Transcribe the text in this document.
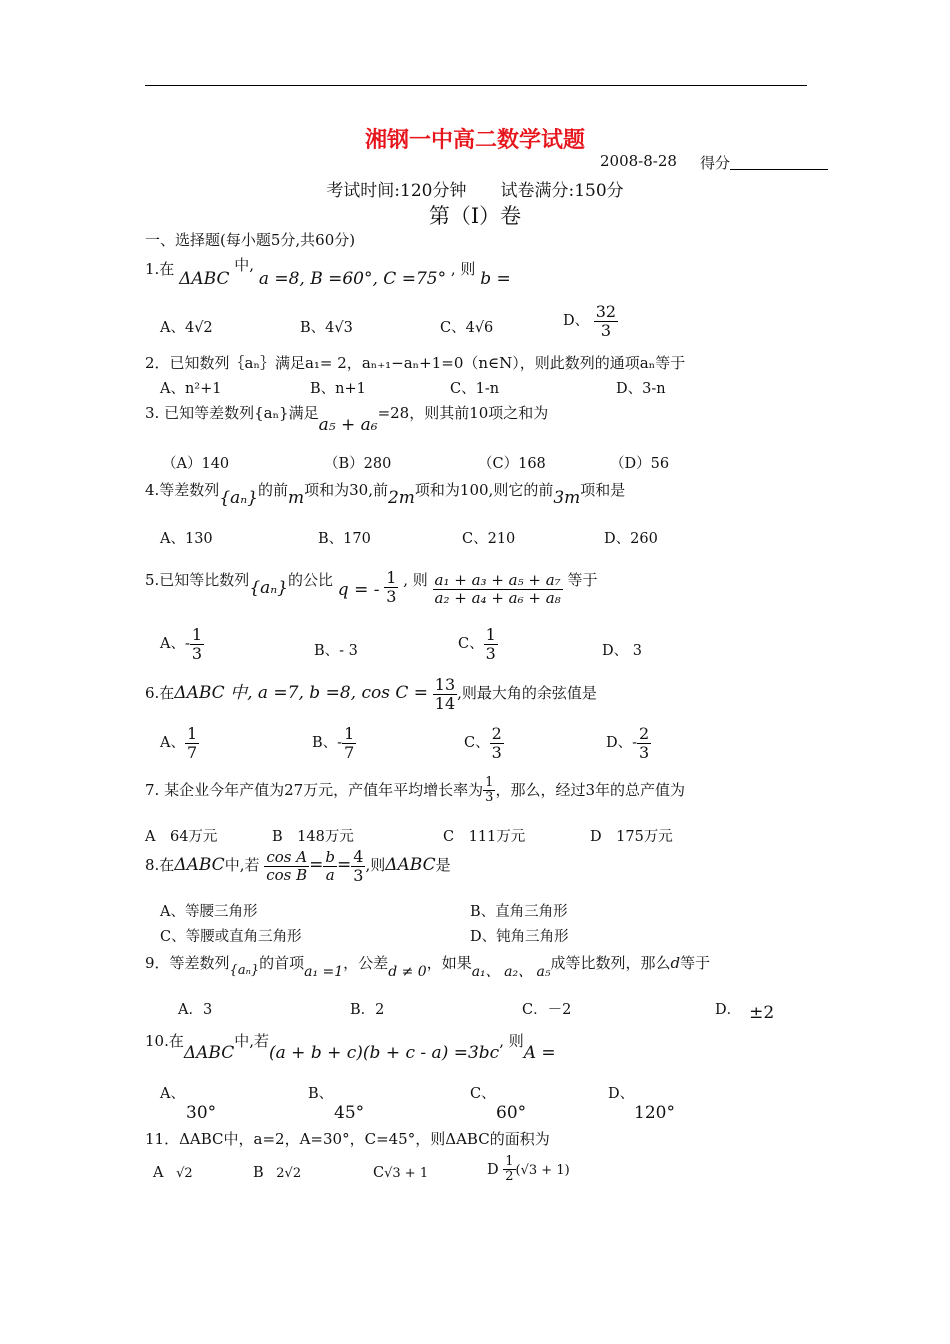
湘钢一中高二数学试题
2008-8-28 得分
考试时间:120分钟　　试卷满分:150分
第（Ⅰ）卷
一、选择题(每小题5分,共60分)
1.在 ΔABC 中, a =8, B =60°, C =75° , 则 b =
A、4√2	B、4√3	C、4√6	D、 $\frac{32}{3}$
2．已知数列｛aₙ｝满足a₁= 2，aₙ₊₁−aₙ+1=0（n∈N），则此数列的通项aₙ等于
A、n²+1	B、n+1	C、1-n	D、3-n
3. 已知等差数列{aₙ}满足a₅ + a₆=28，则其前10项之和为
（A）140	（B）280	（C）168	（D）56
4.等差数列{aₙ}的前m项和为30,前2m项和为100,则它的前3m项和是
A、130	B、170	C、210	D、260
5.已知等比数列{aₙ}的公比 q = - $\frac{1}{3}$ , 则 $\frac{\text{a₁ + a₃ + a₅ + a₇}}{\text{a₂ + a₄ + a₆ + a₈}}$ 等于
A、- $\frac{1}{3}$	B、- 3	C、 $\frac{1}{3}$	D、 3
6.在ΔABC 中, a =7, b =8, $\cos C = \frac{13}{14}$ ,则最大角的余弦值是
A、 $\frac{1}{7}$	B、- $\frac{1}{7}$	C、 $\frac{2}{3}$	D、- $\frac{2}{3}$
7. 某企业今年产值为27万元，产值年平均增长率为 $\frac{1}{3}$ ，那么，经过3年的总产值为
A　64万元	B　148万元	C　111万元	D　175万元
8.在ΔABC中,若 $\frac{\text{cos A}}{\text{cos B}} = \frac{b}{a} = \frac{4}{3}$ ,则ΔABC是
A、等腰三角形	B、直角三角形
C、等腰或直角三角形	D、钝角三角形
9．等差数列{aₙ}的首项a₁ =1，公差d ≠ 0，如果a₁、 a₂、 a₅成等比数列，那么d等于
A．3	B．2	C．－2	D． ±2
10.在ΔABC中,若(a + b + c)(b + c - a) =3bc, 则A =
A、
30°
B、
45°
C、
60°
D、
120°
11．ΔABC中，a=2，A=30°，C=45°，则ΔABC的面积为
A √2	B 2√2	C√3 + 1	D $\frac{1}{2} (√3 + 1)$
